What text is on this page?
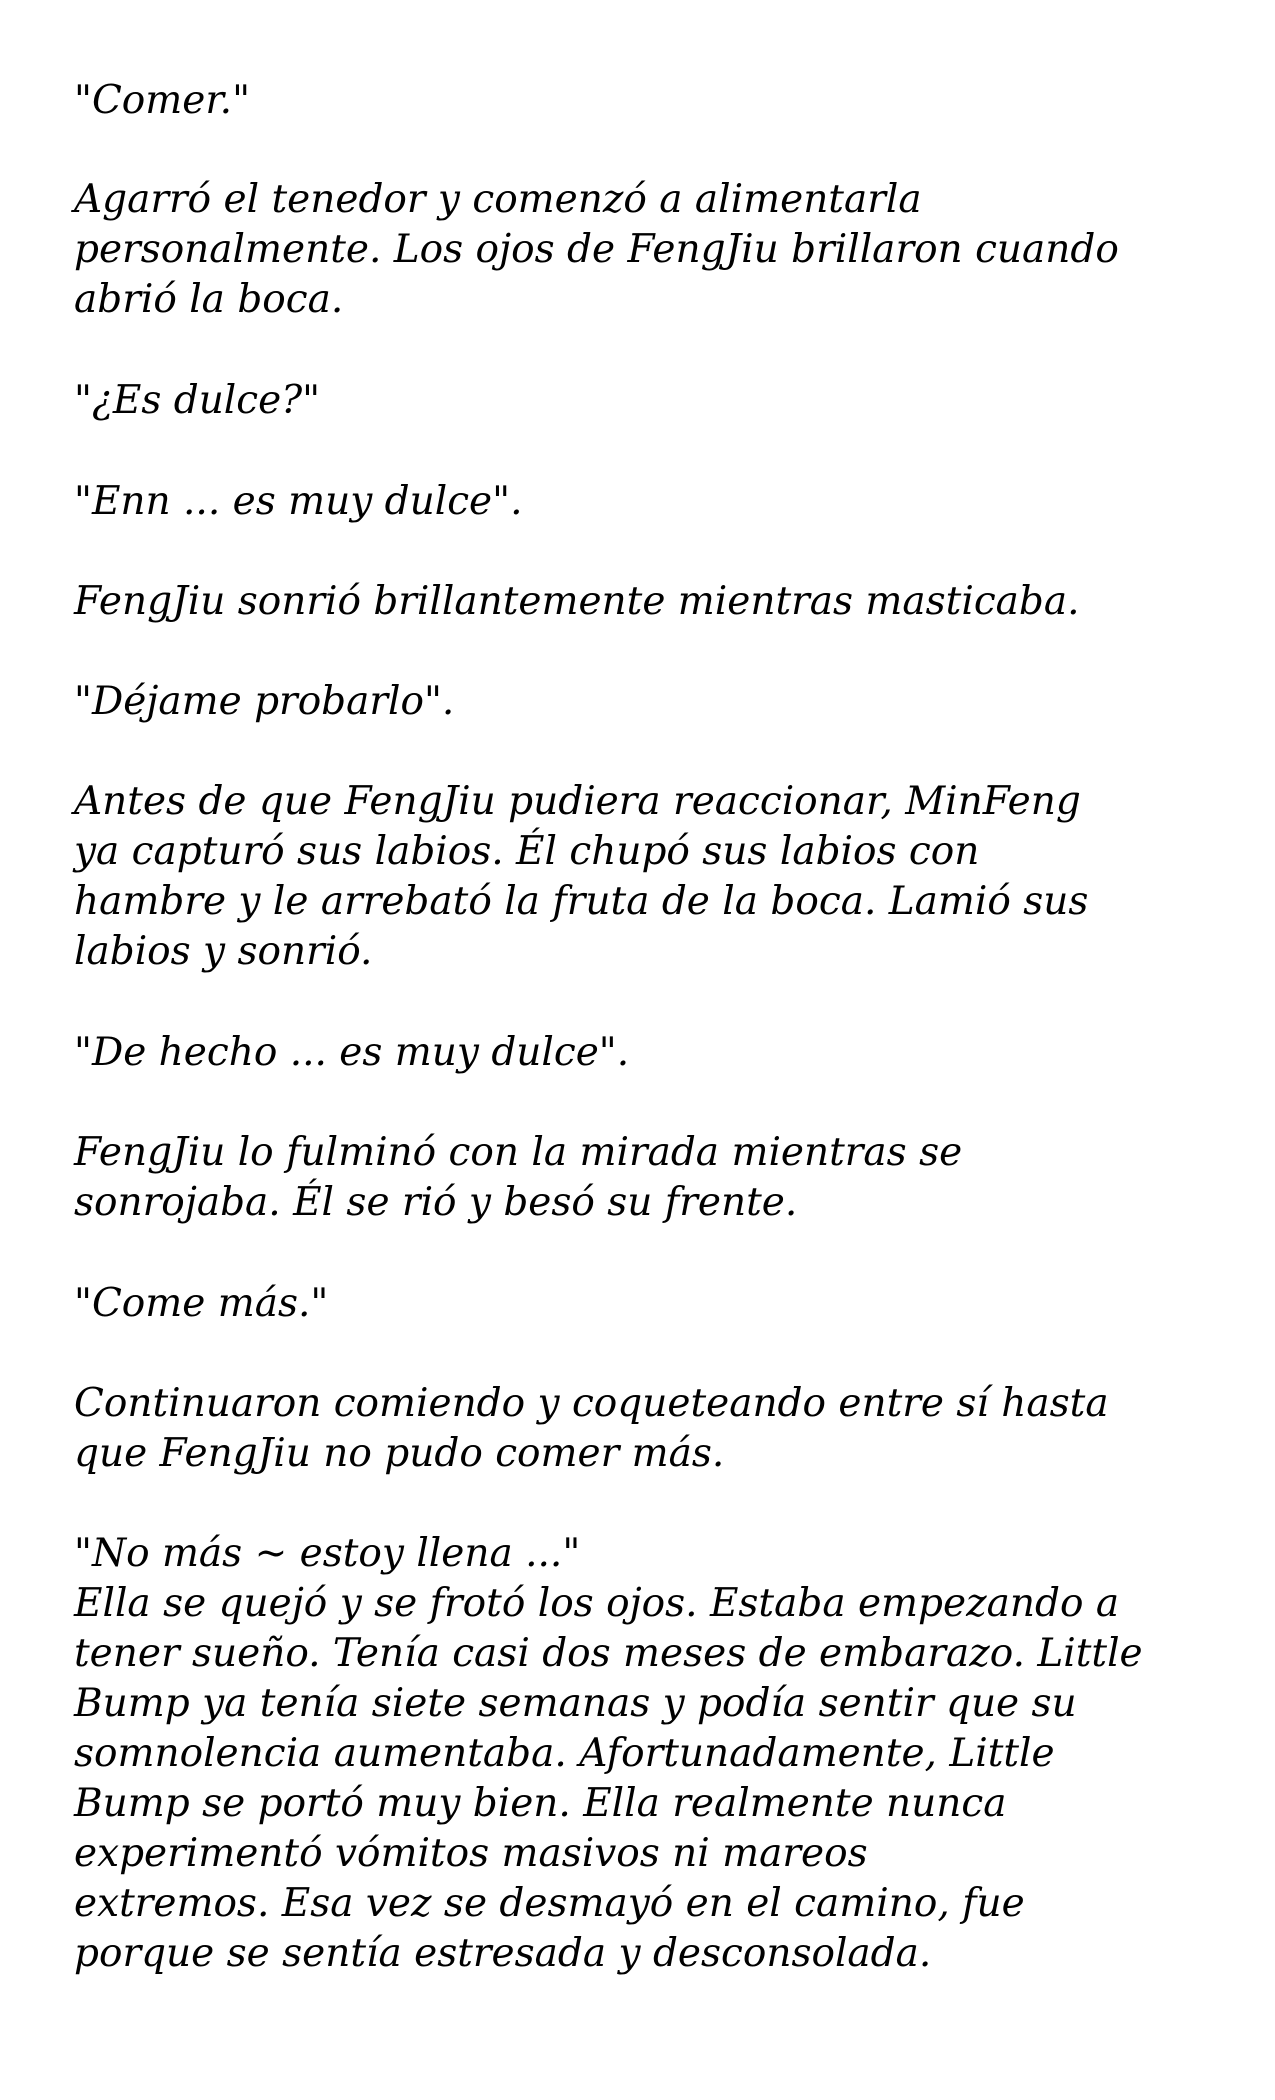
"Comer."
Agarró el tenedor y comenzó a alimentarla
personalmente. Los ojos de FengJiu brillaron cuando
abrió la boca.
"¿Es dulce?"
"Enn ... es muy dulce".
FengJiu sonrió brillantemente mientras masticaba.
"Déjame probarlo".
Antes de que FengJiu pudiera reaccionar, MinFeng
ya capturó sus labios. Él chupó sus labios con
hambre y le arrebató la fruta de la boca. Lamió sus
labios y sonrió.
"De hecho ... es muy dulce".
FengJiu lo fulminó con la mirada mientras se
sonrojaba. Él se rió y besó su frente.
"Come más."
Continuaron comiendo y coqueteando entre sí hasta
que FengJiu no pudo comer más.
"No más ~ estoy llena ..."
Ella se quejó y se frotó los ojos. Estaba empezando a
tener sueño. Tenía casi dos meses de embarazo. Little
Bump ya tenía siete semanas y podía sentir que su
somnolencia aumentaba. Afortunadamente, Little
Bump se portó muy bien. Ella realmente nunca
experimentó vómitos masivos ni mareos
extremos. Esa vez se desmayó en el camino, fue
porque se sentía estresada y desconsolada.
